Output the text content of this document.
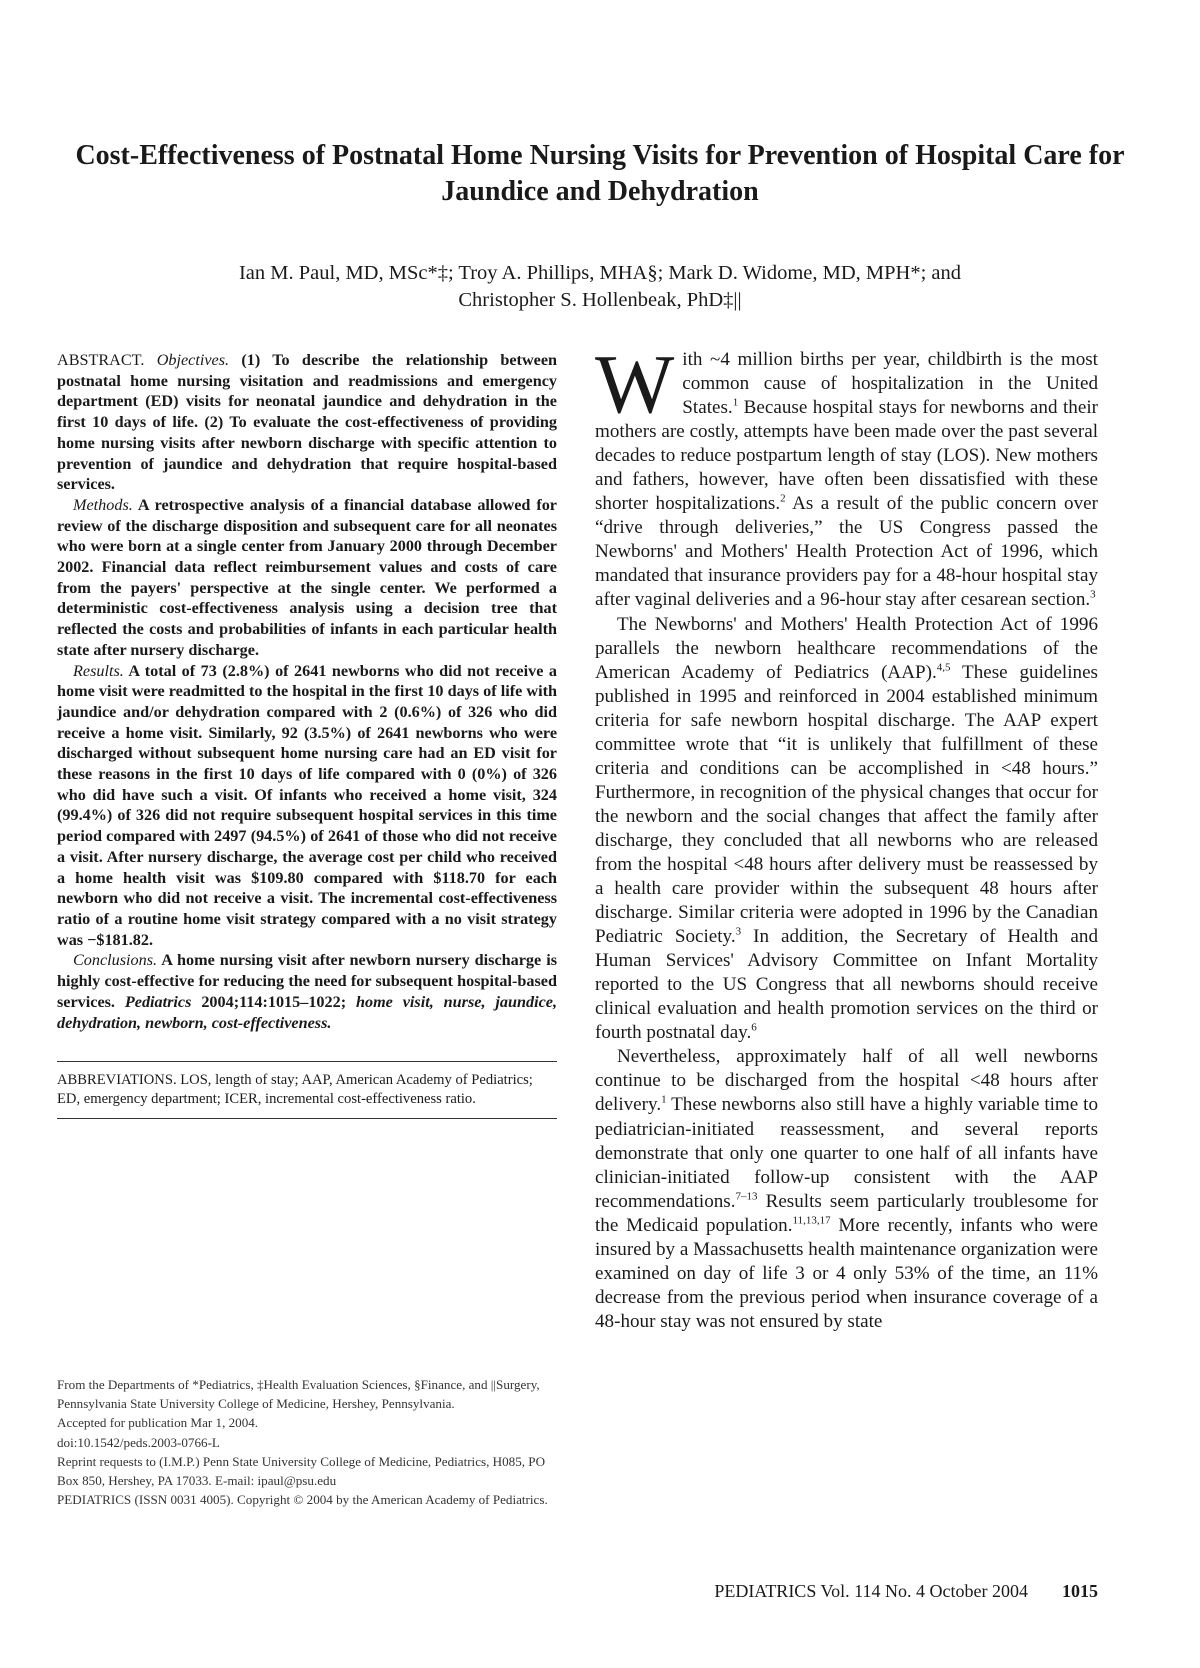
Cost-Effectiveness of Postnatal Home Nursing Visits for Prevention of Hospital Care for Jaundice and Dehydration
Ian M. Paul, MD, MSc*‡; Troy A. Phillips, MHA§; Mark D. Widome, MD, MPH*; and
Christopher S. Hollenbeak, PhD‡||

ABSTRACT. Objectives. (1) To describe the relationship between postnatal home nursing visitation and readmissions and emergency department (ED) visits for neonatal jaundice and dehydration in the first 10 days of life. (2) To evaluate the cost-effectiveness of providing home nursing visits after newborn discharge with specific attention to prevention of jaundice and dehydration that require hospital-based services.

Methods. A retrospective analysis of a financial database allowed for review of the discharge disposition and subsequent care for all neonates who were born at a single center from January 2000 through December 2002. Financial data reflect reimbursement values and costs of care from the payers' perspective at the single center. We performed a deterministic cost-effectiveness analysis using a decision tree that reflected the costs and probabilities of infants in each particular health state after nursery discharge.

Results. A total of 73 (2.8%) of 2641 newborns who did not receive a home visit were readmitted to the hospital in the first 10 days of life with jaundice and/or dehydration compared with 2 (0.6%) of 326 who did receive a home visit. Similarly, 92 (3.5%) of 2641 newborns who were discharged without subsequent home nursing care had an ED visit for these reasons in the first 10 days of life compared with 0 (0%) of 326 who did have such a visit. Of infants who received a home visit, 324 (99.4%) of 326 did not require subsequent hospital services in this time period compared with 2497 (94.5%) of 2641 of those who did not receive a visit. After nursery discharge, the average cost per child who received a home health visit was $109.80 compared with $118.70 for each newborn who did not receive a visit. The incremental cost-effectiveness ratio of a routine home visit strategy compared with a no visit strategy was −$181.82.

Conclusions. A home nursing visit after newborn nursery discharge is highly cost-effective for reducing the need for subsequent hospital-based services. Pediatrics 2004;114:1015–1022; home visit, nurse, jaundice, dehydration, newborn, cost-effectiveness.

ABBREVIATIONS. LOS, length of stay; AAP, American Academy of Pediatrics; ED, emergency department; ICER, incremental cost-effectiveness ratio.
From the Departments of *Pediatrics, ‡Health Evaluation Sciences, §Finance, and ||Surgery, Pennsylvania State University College of Medicine, Hershey, Pennsylvania.
Accepted for publication Mar 1, 2004.
doi:10.1542/peds.2003-0766-L
Reprint requests to (I.M.P.) Penn State University College of Medicine, Pediatrics, H085, PO Box 850, Hershey, PA 17033. E-mail: ipaul@psu.edu
PEDIATRICS (ISSN 0031 4005). Copyright © 2004 by the American Academy of Pediatrics.

With ~4 million births per year, childbirth is the most common cause of hospitalization in the United States.$^1$ Because hospital stays for newborns and their mothers are costly, attempts have been made over the past several decades to reduce postpartum length of stay (LOS). New mothers and fathers, however, have often been dissatisfied with these shorter hospitalizations.$^2$ As a result of the public concern over “drive through deliveries,” the US Congress passed the Newborns' and Mothers' Health Protection Act of 1996, which mandated that insurance providers pay for a 48-hour hospital stay after vaginal deliveries and a 96-hour stay after cesarean section.$^3$

The Newborns' and Mothers' Health Protection Act of 1996 parallels the newborn healthcare recommendations of the American Academy of Pediatrics (AAP).$^{4,5}$ These guidelines published in 1995 and reinforced in 2004 established minimum criteria for safe newborn hospital discharge. The AAP expert committee wrote that “it is unlikely that fulfillment of these criteria and conditions can be accomplished in <48 hours.” Furthermore, in recognition of the physical changes that occur for the newborn and the social changes that affect the family after discharge, they concluded that all newborns who are released from the hospital <48 hours after delivery must be reassessed by a health care provider within the subsequent 48 hours after discharge. Similar criteria were adopted in 1996 by the Canadian Pediatric Society.$^3$ In addition, the Secretary of Health and Human Services' Advisory Committee on Infant Mortality reported to the US Congress that all newborns should receive clinical evaluation and health promotion services on the third or fourth postnatal day.$^6$

Nevertheless, approximately half of all well newborns continue to be discharged from the hospital <48 hours after delivery.$^1$ These newborns also still have a highly variable time to pediatrician-initiated reassessment, and several reports demonstrate that only one quarter to one half of all infants have clinician-initiated follow-up consistent with the AAP recommendations.$^{7-13}$ Results seem particularly troublesome for the Medicaid population.$^{11,13,17}$ More recently, infants who were insured by a Massachusetts health maintenance organization were examined on day of life 3 or 4 only 53% of the time, an 11% decrease from the previous period when insurance coverage of a 48-hour stay was not ensured by state

PEDIATRICS Vol. 114 No. 4 October 2004 1015
